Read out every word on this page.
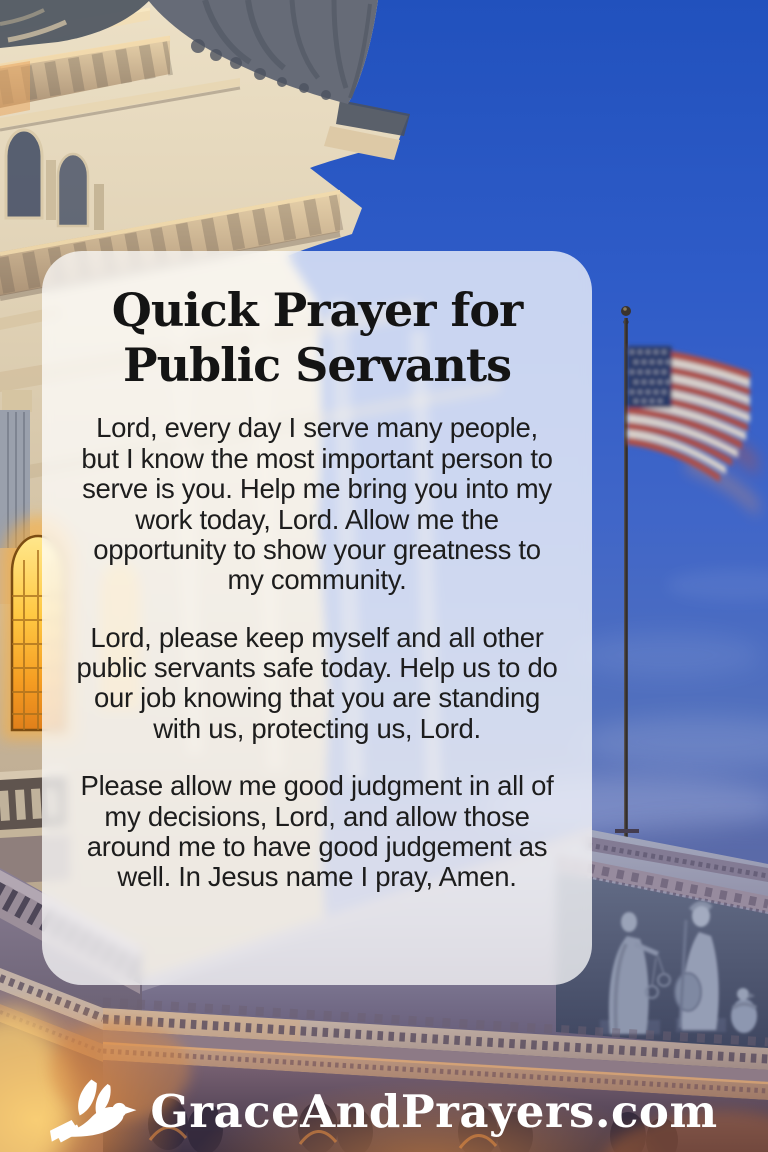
Quick Prayer for
Public Servants

Lord, every day I serve many people, but I know the most important person to serve is you. Help me bring you into my work today, Lord. Allow me the opportunity to show your greatness to my community.

Lord, please keep myself and all other public servants safe today. Help us to do our job knowing that you are standing with us, protecting us, Lord.

Please allow me good judgment in all of my decisions, Lord, and allow those around me to have good judgement as well. In Jesus name I pray, Amen.

GraceAndPrayers.com
